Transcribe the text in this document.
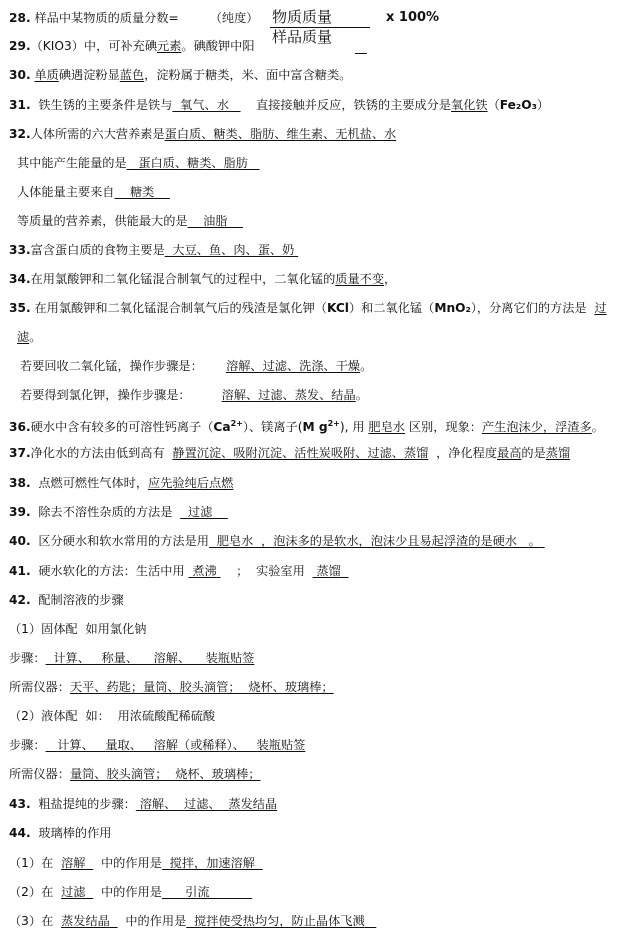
28. 样品中某物质的质量分数=	（纯度） 物质质量
样品质量
x 100%
29.（KIO3）中，可补充碘元素。碘酸钾中阳
30. 单质碘遇淀粉显蓝色，淀粉属于糖类，米、面中富含糖类。
31. 铁生锈的主要条件是铁与 氧气、水 直接接触并反应，铁锈的主要成分是氧化铁（Fe₂O₃）
32.人体所需的六大营养素是蛋白质、糖类、脂肪、维生素、无机盐、水
其中能产生能量的是 蛋白质、糖类、脂肪
人体能量主要来自 糖类
等质量的营养素，供能最大的是 油脂
33.富含蛋白质的食物主要是 大豆、鱼、肉、蛋、奶
34.在用氯酸钾和二氧化锰混合制氧气的过程中，二氧化锰的质量不变，
35. 在用氯酸钾和二氧化锰混合制氧气后的残渣是氯化钾（KCl）和二氧化锰（MnO₂），分离它们的方法是 过
滤。
若要回收二氧化锰，操作步骤是： 溶解、过滤、洗涤、干燥。
若要得到氯化钾，操作步骤是：	溶解、过滤、蒸发、结晶。
36.硬水中含有较多的可溶性钙离子$(Ca^{2+})$、镁离子(M $g^{2+}$), 用 肥皂水 区别，现象：产生泡沫少，浮渣多。
37.净化水的方法由低到高有 静置沉淀、吸附沉淀、活性炭吸附、过滤、蒸馏 ，净化程度最高的是蒸馏
38. 点燃可燃性气体时，应先验纯后点燃
39. 除去不溶性杂质的方法是 过滤
40. 区分硬水和软水常用的方法是用 肥皂水 ，泡沫多的是软水，泡沫少且易起浮渣的是硬水 。
41. 硬水软化的方法：生活中用 煮沸 ；  实验室用 蒸馏
42. 配制溶液的步骤
（1）固体配  如用氯化钠
步骤： 计算、 称量、 溶解、 装瓶贴签
所需仪器：天平、药匙；量筒、胶头滴管； 烧杯、玻璃棒；
（2）液体配  如：  用浓硫酸配稀硫酸
步骤： 计算、 量取、 溶解（或稀释）、 装瓶贴签
所需仪器：量筒、胶头滴管； 烧杯、玻璃棒；
43. 粗盐提纯的步骤： 溶解、 过滤、 蒸发结晶
44. 玻璃棒的作用
（1）在 溶解 中的作用是 搅拌，加速溶解
（2）在 过滤 中的作用是 引流
（3）在 蒸发结晶 中的作用是 搅拌使受热均匀，防止晶体飞溅
